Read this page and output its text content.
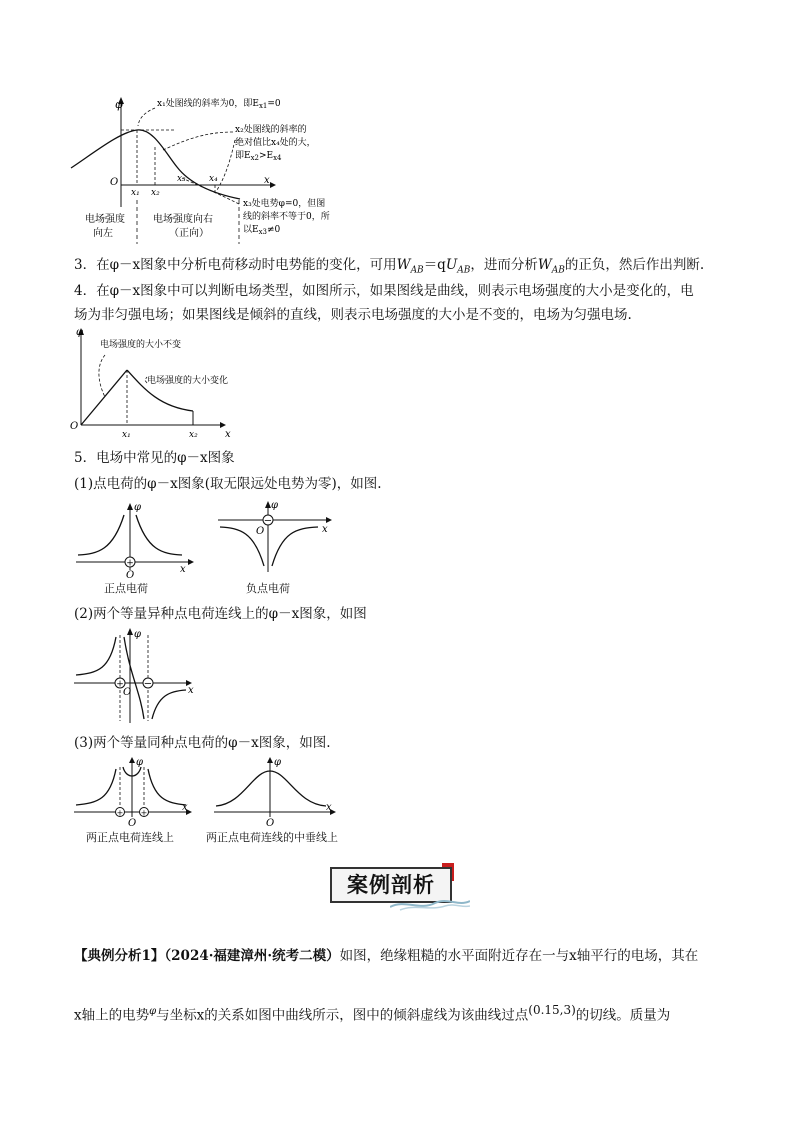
φ
O	x
x₁ x₂
x₃	x₄
x₁处图线的斜率为0，即$E_{x1}=0$
x₂处图线的斜率的
绝对值比x₄处的大，
即$E_{x2}>E_{x4}$
x₃处电势φ=0，但图
线的斜率不等于0，所
以$E_{x3}\ne 0$
电场强度
向左
电场强度向右
（正向）
3．在φ－x图象中分析电荷移动时电势能的变化，可用$W_{AB}=qU_{AB}$，进而分析$W_{AB}$的正负，然后作出判断.
4．在φ－x图象中可以判断电场类型，如图所示，如果图线是曲线，则表示电场强度的大小是变化的，电
场为非匀强电场；如果图线是倾斜的直线，则表示电场强度的大小是不变的，电场为匀强电场.
φ
电场强度的大小不变
电场强度的大小变化
O
x₁	x₂	x
5．电场中常见的φ－x图象
(1)点电荷的φ－x图象(取无限远处电势为零)，如图.
+
φ
O
x
−
φ
O	x
正点电荷	负点电荷
(2)两个等量异种点电荷连线上的φ－x图象，如图
+ −
φ
O	x
(3)两个等量同种点电荷的φ－x图象，如图.
+ +
φ
O
x
φ
O
x
两正点电荷连线上	两正点电荷连线的中垂线上
案例剖析
【典例分析1】（2024·福建漳州·统考二模）如图，绝缘粗糙的水平面附近存在一与x轴平行的电场，其在
x轴上的电势$^\varphi$与坐标x的关系如图中曲线所示，图中的倾斜虚线为该曲线过点$^{(0.15,3)}$的切线。质量为
